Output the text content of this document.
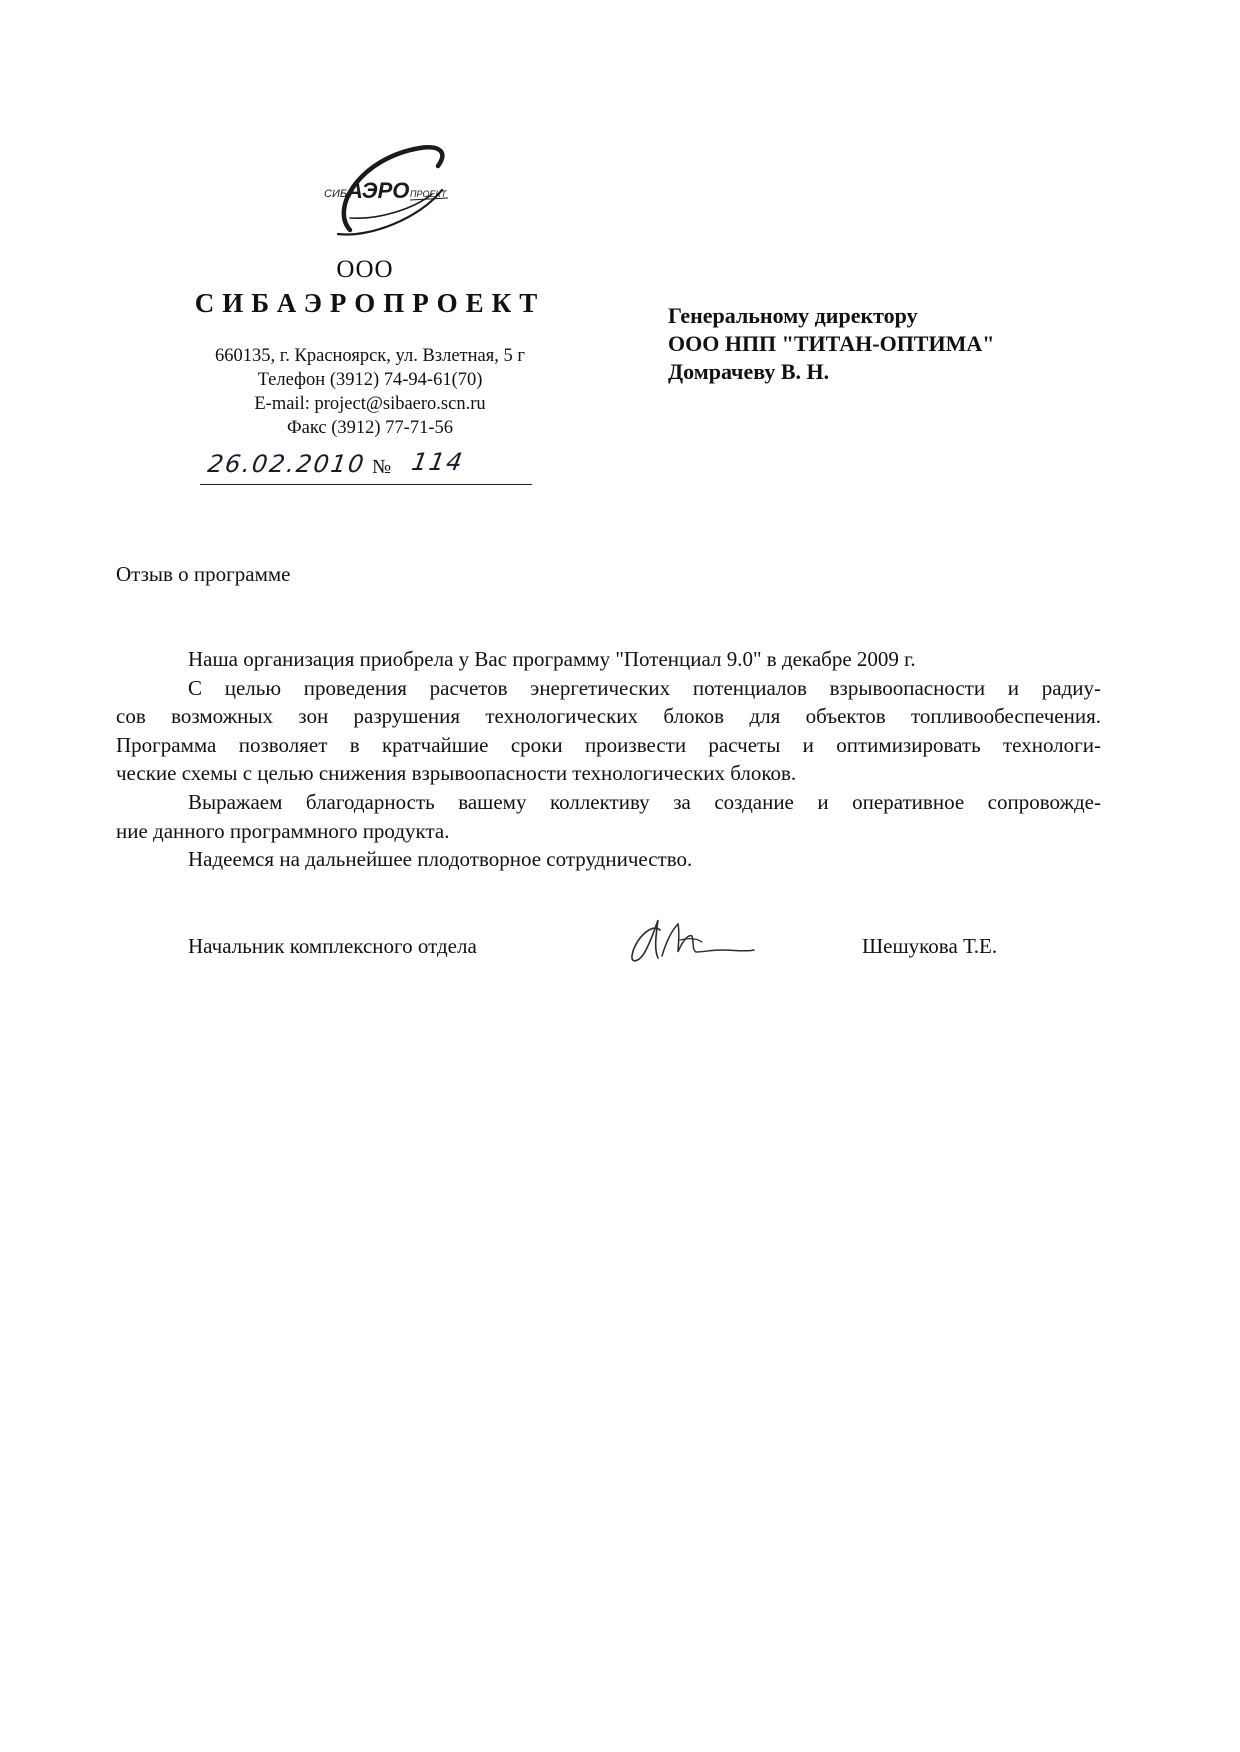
СИБ АЭРО ПРОЕКТ
ООО
СИБАЭРОПРОЕКТ
660135, г. Красноярск, ул. Взлетная, 5 г
Телефон (3912) 74-94-61(70)
E-mail: project@sibaero.scn.ru
Факс (3912) 77-71-56
26.02.2010 № 114
Генеральному директору
ООО НПП "ТИТАН-ОПТИМА"
Домрачеву В. Н.
Отзыв о программе
Наша организация приобрела у Вас программу "Потенциал 9.0" в декабре 2009 г.
С целью проведения расчетов энергетических потенциалов взрывоопасности и радиу-
сов возможных зон разрушения технологических блоков для объектов топливообеспечения.
Программа позволяет в кратчайшие сроки произвести расчеты и оптимизировать технологи-
ческие схемы с целью снижения взрывоопасности технологических блоков.
Выражаем благодарность вашему коллективу за создание и оперативное сопровожде-
ние данного программного продукта.
Надеемся на дальнейшее плодотворное сотрудничество.
Начальник комплексного отдела	Шешукова Т.Е.
